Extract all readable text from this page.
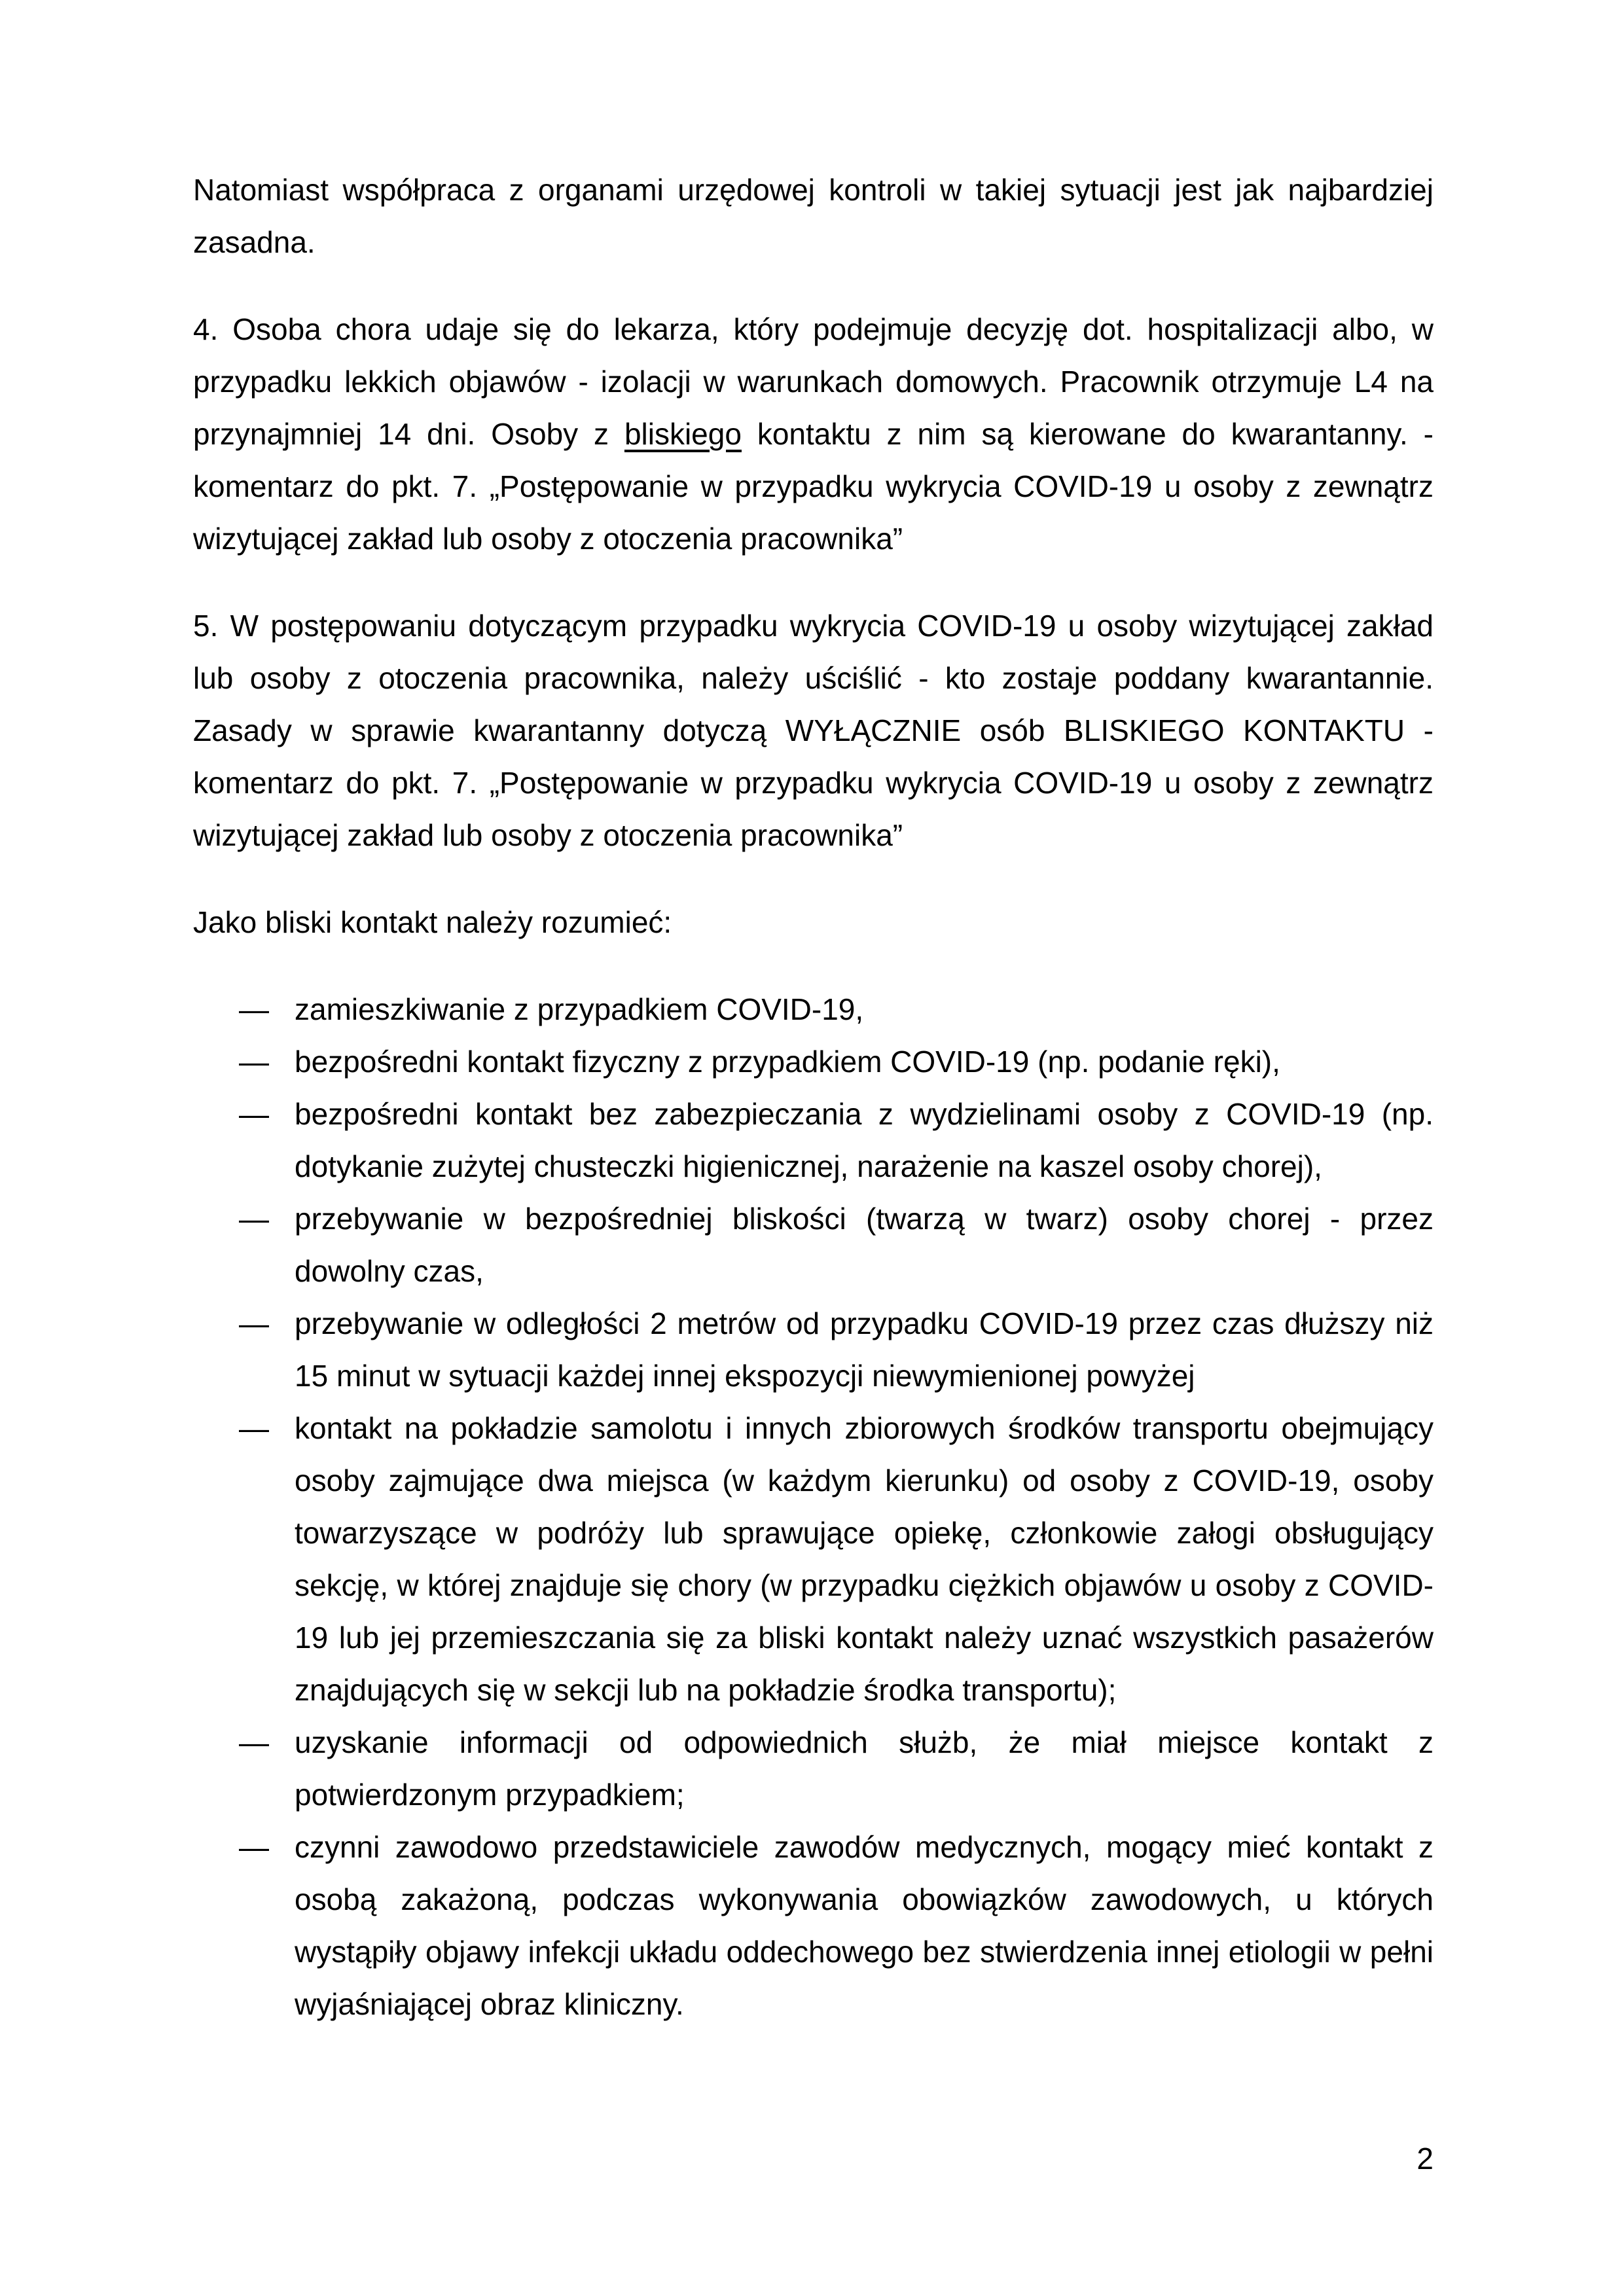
Natomiast współpraca z organami urzędowej kontroli w takiej sytuacji jest jak najbardziej zasadna.

4. Osoba chora udaje się do lekarza, który podejmuje decyzję dot. hospitalizacji albo, w przypadku lekkich objawów - izolacji w warunkach domowych. Pracownik otrzymuje L4 na przynajmniej 14 dni. Osoby z bliskiego kontaktu z nim są kierowane do kwarantanny. - komentarz do pkt. 7. „Postępowanie w przypadku wykrycia COVID-19 u osoby z zewnątrz wizytującej zakład lub osoby z otoczenia pracownika”

5. W postępowaniu dotyczącym przypadku wykrycia COVID-19 u osoby wizytującej zakład lub osoby z otoczenia pracownika, należy uściślić - kto zostaje poddany kwarantannie. Zasady w sprawie kwarantanny dotyczą WYŁĄCZNIE osób BLISKIEGO KONTAKTU - komentarz do pkt. 7. „Postępowanie w przypadku wykrycia COVID-19 u osoby z zewnątrz wizytującej zakład lub osoby z otoczenia pracownika”

Jako bliski kontakt należy rozumieć:

— zamieszkiwanie z przypadkiem COVID-19,
— bezpośredni kontakt fizyczny z przypadkiem COVID-19 (np. podanie ręki),
— bezpośredni kontakt bez zabezpieczania z wydzielinami osoby z COVID-19 (np. dotykanie zużytej chusteczki higienicznej, narażenie na kaszel osoby chorej),
— przebywanie w bezpośredniej bliskości (twarzą w twarz) osoby chorej - przez dowolny czas,
— przebywanie w odległości 2 metrów od przypadku COVID-19 przez czas dłuższy niż 15 minut w sytuacji każdej innej ekspozycji niewymienionej powyżej
— kontakt na pokładzie samolotu i innych zbiorowych środków transportu obejmujący osoby zajmujące dwa miejsca (w każdym kierunku) od osoby z COVID-19, osoby towarzyszące w podróży lub sprawujące opiekę, członkowie załogi obsługujący sekcję, w której znajduje się chory (w przypadku ciężkich objawów u osoby z COVID-19 lub jej przemieszczania się za bliski kontakt należy uznać wszystkich pasażerów znajdujących się w sekcji lub na pokładzie środka transportu);
— uzyskanie informacji od odpowiednich służb, że miał miejsce kontakt z potwierdzonym przypadkiem;
— czynni zawodowo przedstawiciele zawodów medycznych, mogący mieć kontakt z osobą zakażoną, podczas wykonywania obowiązków zawodowych, u których wystąpiły objawy infekcji układu oddechowego bez stwierdzenia innej etiologii w pełni wyjaśniającej obraz kliniczny.
2
